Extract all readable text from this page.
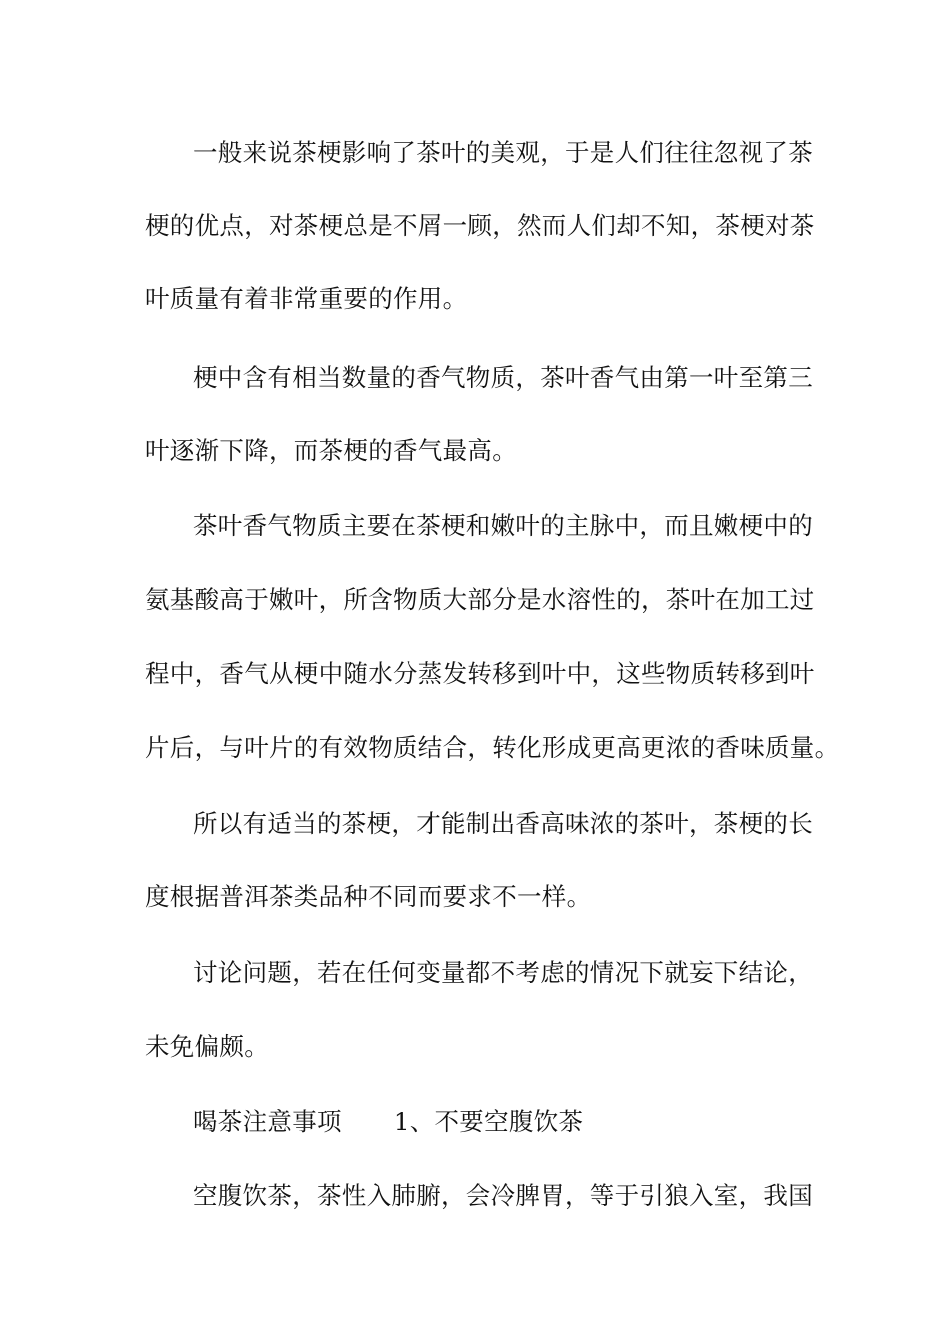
一般来说茶梗影响了茶叶的美观，于是人们往往忽视了茶
梗的优点，对茶梗总是不屑一顾，然而人们却不知，茶梗对茶
叶质量有着非常重要的作用。
梗中含有相当数量的香气物质，茶叶香气由第一叶至第三
叶逐渐下降，而茶梗的香气最高。
茶叶香气物质主要在茶梗和嫩叶的主脉中，而且嫩梗中的
氨基酸高于嫩叶，所含物质大部分是水溶性的，茶叶在加工过
程中，香气从梗中随水分蒸发转移到叶中，这些物质转移到叶
片后，与叶片的有效物质结合，转化形成更高更浓的香味质量。
所以有适当的茶梗，才能制出香高味浓的茶叶，茶梗的长
度根据普洱茶类品种不同而要求不一样。
讨论问题，若在任何变量都不考虑的情况下就妄下结论，
未免偏颇。
喝茶注意事项 1、不要空腹饮茶
空腹饮茶，茶性入肺腑，会冷脾胃，等于引狼入室，我国
